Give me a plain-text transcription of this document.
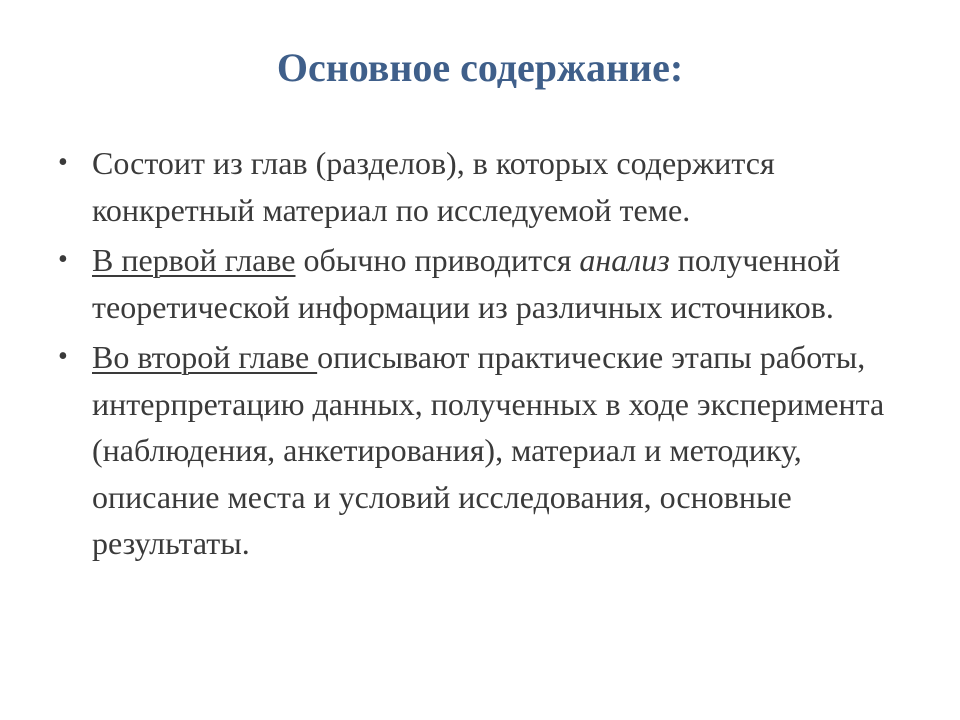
Основное содержание:
• Состоит из глав (разделов), в которых содержится конкретный материал по исследуемой теме.
• В первой главе обычно приводится анализ полученной теоретической информации из различных источников.
• Во второй главе описывают практические этапы работы, интерпретацию данных, полученных в ходе эксперимента (наблюдения, анкетирования), материал и методику, описание места и условий исследования, основные результаты.
